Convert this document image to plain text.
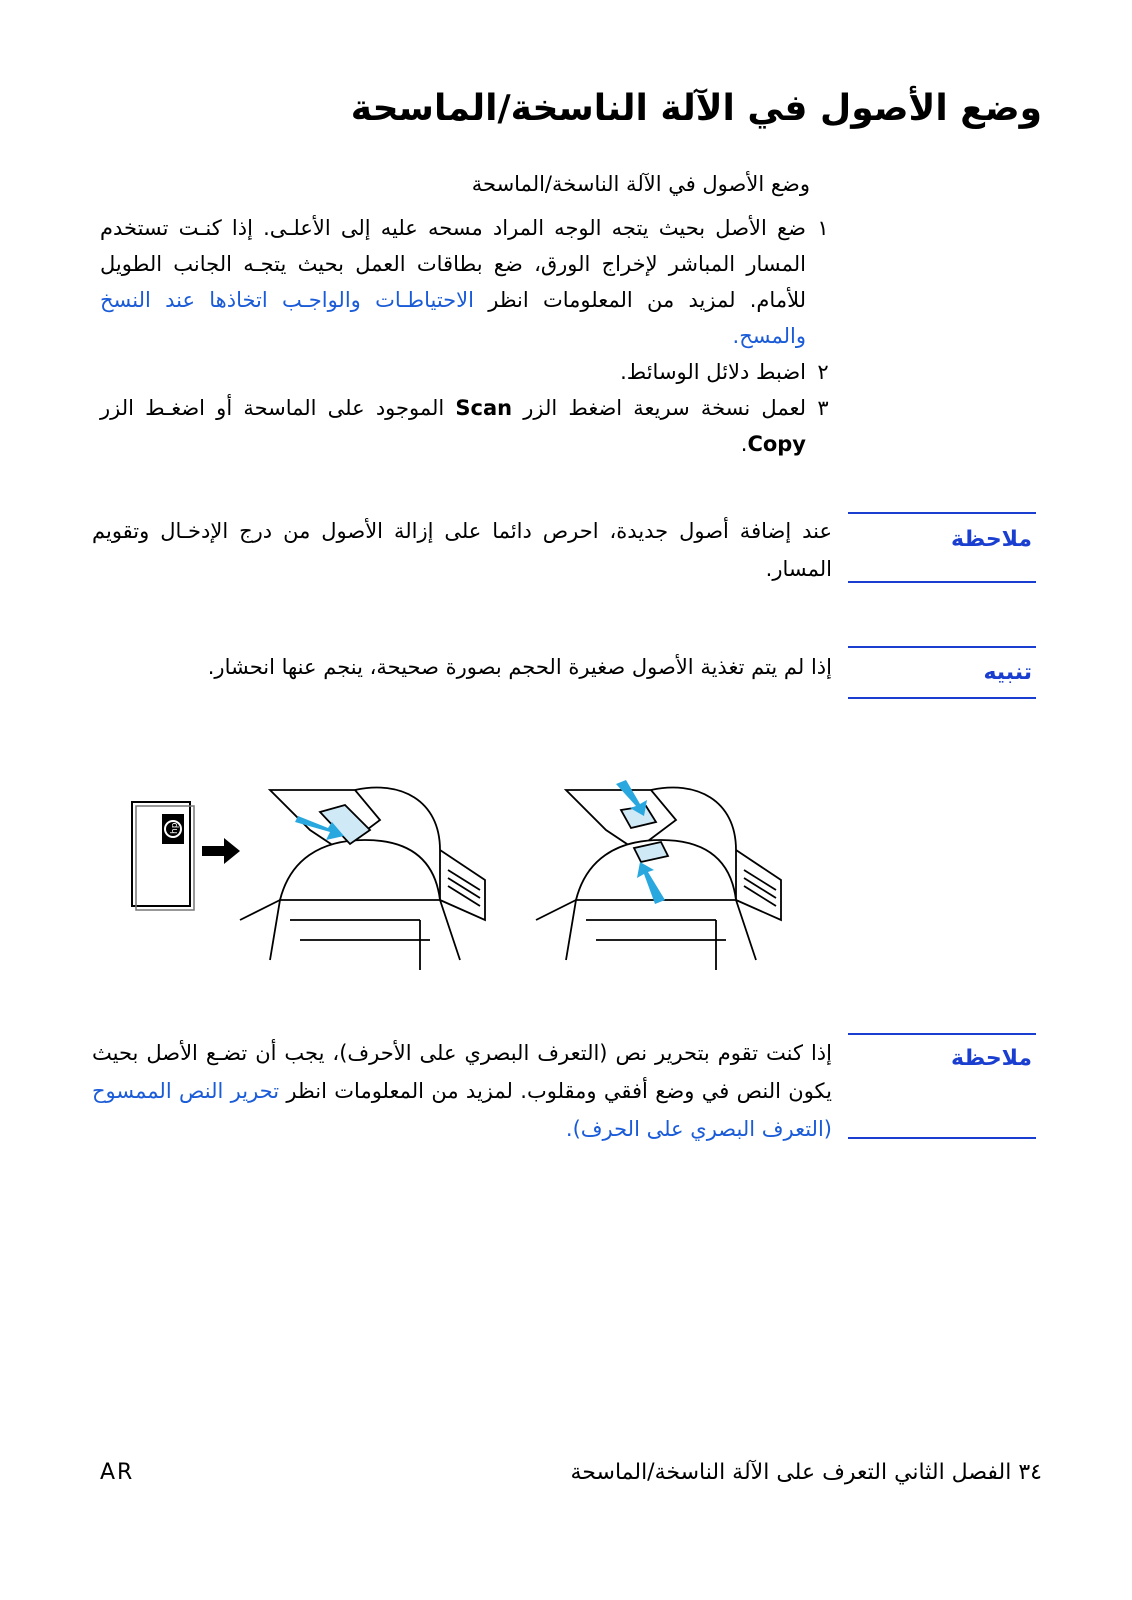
وضع الأصول في الآلة الناسخة/الماسحة
وضع الأصول في الآلة الناسخة/الماسحة
١
ضع الأصل بحيث يتجه الوجه المراد مسحه عليه إلى الأعلـى. إذا كنـت تستخدم المسار المباشر لإخراج الورق، ضع بطاقات العمل بحيث يتجـه الجانب الطويل للأمام. لمزيد من المعلومات انظر الاحتياطـات والواجـب اتخاذها عند النسخ والمسح.
٢
اضبط دلائل الوسائط.
٣
لعمل نسخة سريعة اضغط الزر Scan الموجود على الماسحة أو اضغـط الزر Copy.
ملاحظة
عند إضافة أصول جديدة، احرص دائما على إزالة الأصول من درج الإدخـال وتقويم المسار.
تنبيه
إذا لم يتم تغذية الأصول صغيرة الحجم بصورة صحيحة، ينجم عنها انحشار.
hp
ملاحظة
إذا كنت تقوم بتحرير نص (التعرف البصري على الأحرف)، يجب أن تضـع الأصل بحيث يكون النص في وضع أفقي ومقلوب. لمزيد من المعلومات انظر تحرير النص الممسوح (التعرف البصري على الحرف).
AR	٣٤ الفصل الثاني التعرف على الآلة الناسخة/الماسحة
